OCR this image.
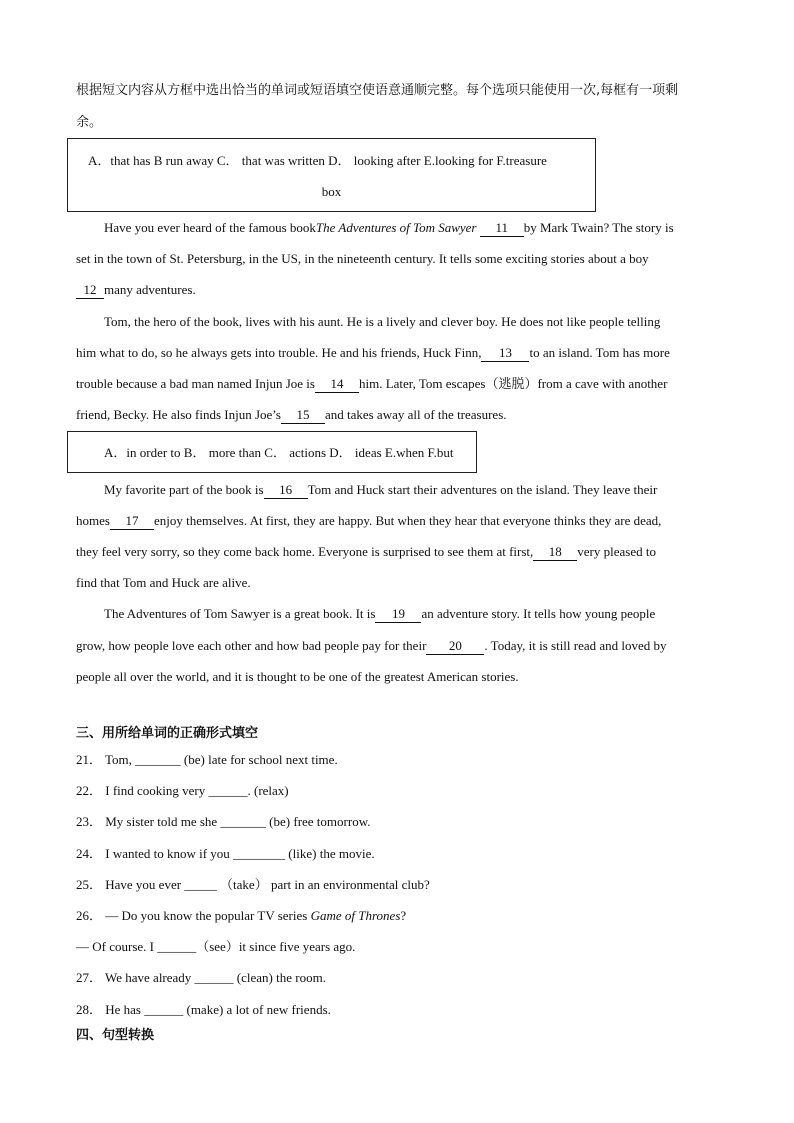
根据短文内容从方框中选出恰当的单词或短语填空使语意通顺完整。每个选项只能使用一次,每框有一项剩
余。
A．that has B run away C． that was written D． looking after E.looking for F.treasure
box
Have you ever heard of the famous bookThe Adventures of Tom Sawyer 11 by Mark Twain? The story is
set in the town of St. Petersburg, in the US, in the nineteenth century. It tells some exciting stories about a boy
12 many adventures.
Tom, the hero of the book, lives with his aunt. He is a lively and clever boy. He does not like people telling
him what to do, so he always gets into trouble. He and his friends, Huck Finn, 13 to an island. Tom has more
trouble because a bad man named Injun Joe is 14 him. Later, Tom escapes（逃脱）from a cave with another
friend, Becky. He also finds Injun Joe’s 15 and takes away all of the treasures.
A．in order to B． more than C． actions D． ideas E.when F.but
My favorite part of the book is 16 Tom and Huck start their adventures on the island. They leave their
homes 17 enjoy themselves. At first, they are happy. But when they hear that everyone thinks they are dead,
they feel very sorry, so they come back home. Everyone is surprised to see them at first, 18 very pleased to
find that Tom and Huck are alive.
The Adventures of Tom Sawyer is a great book. It is 19 an adventure story. It tells how young people
grow, how people love each other and how bad people pay for their 20 . Today, it is still read and loved by
people all over the world, and it is thought to be one of the greatest American stories.
三、用所给单词的正确形式填空
21． Tom, _______ (be) late for school next time.
22． I find cooking very ______. (relax)
23． My sister told me she _______ (be) free tomorrow.
24． I wanted to know if you ________ (like) the movie.
25． Have you ever _____ （take） part in an environmental club?
26． — Do you know the popular TV series Game of Thrones?
— Of course. I ______（see）it since five years ago.
27． We have already ______ (clean) the room.
28． He has ______ (make) a lot of new friends.
四、句型转换
